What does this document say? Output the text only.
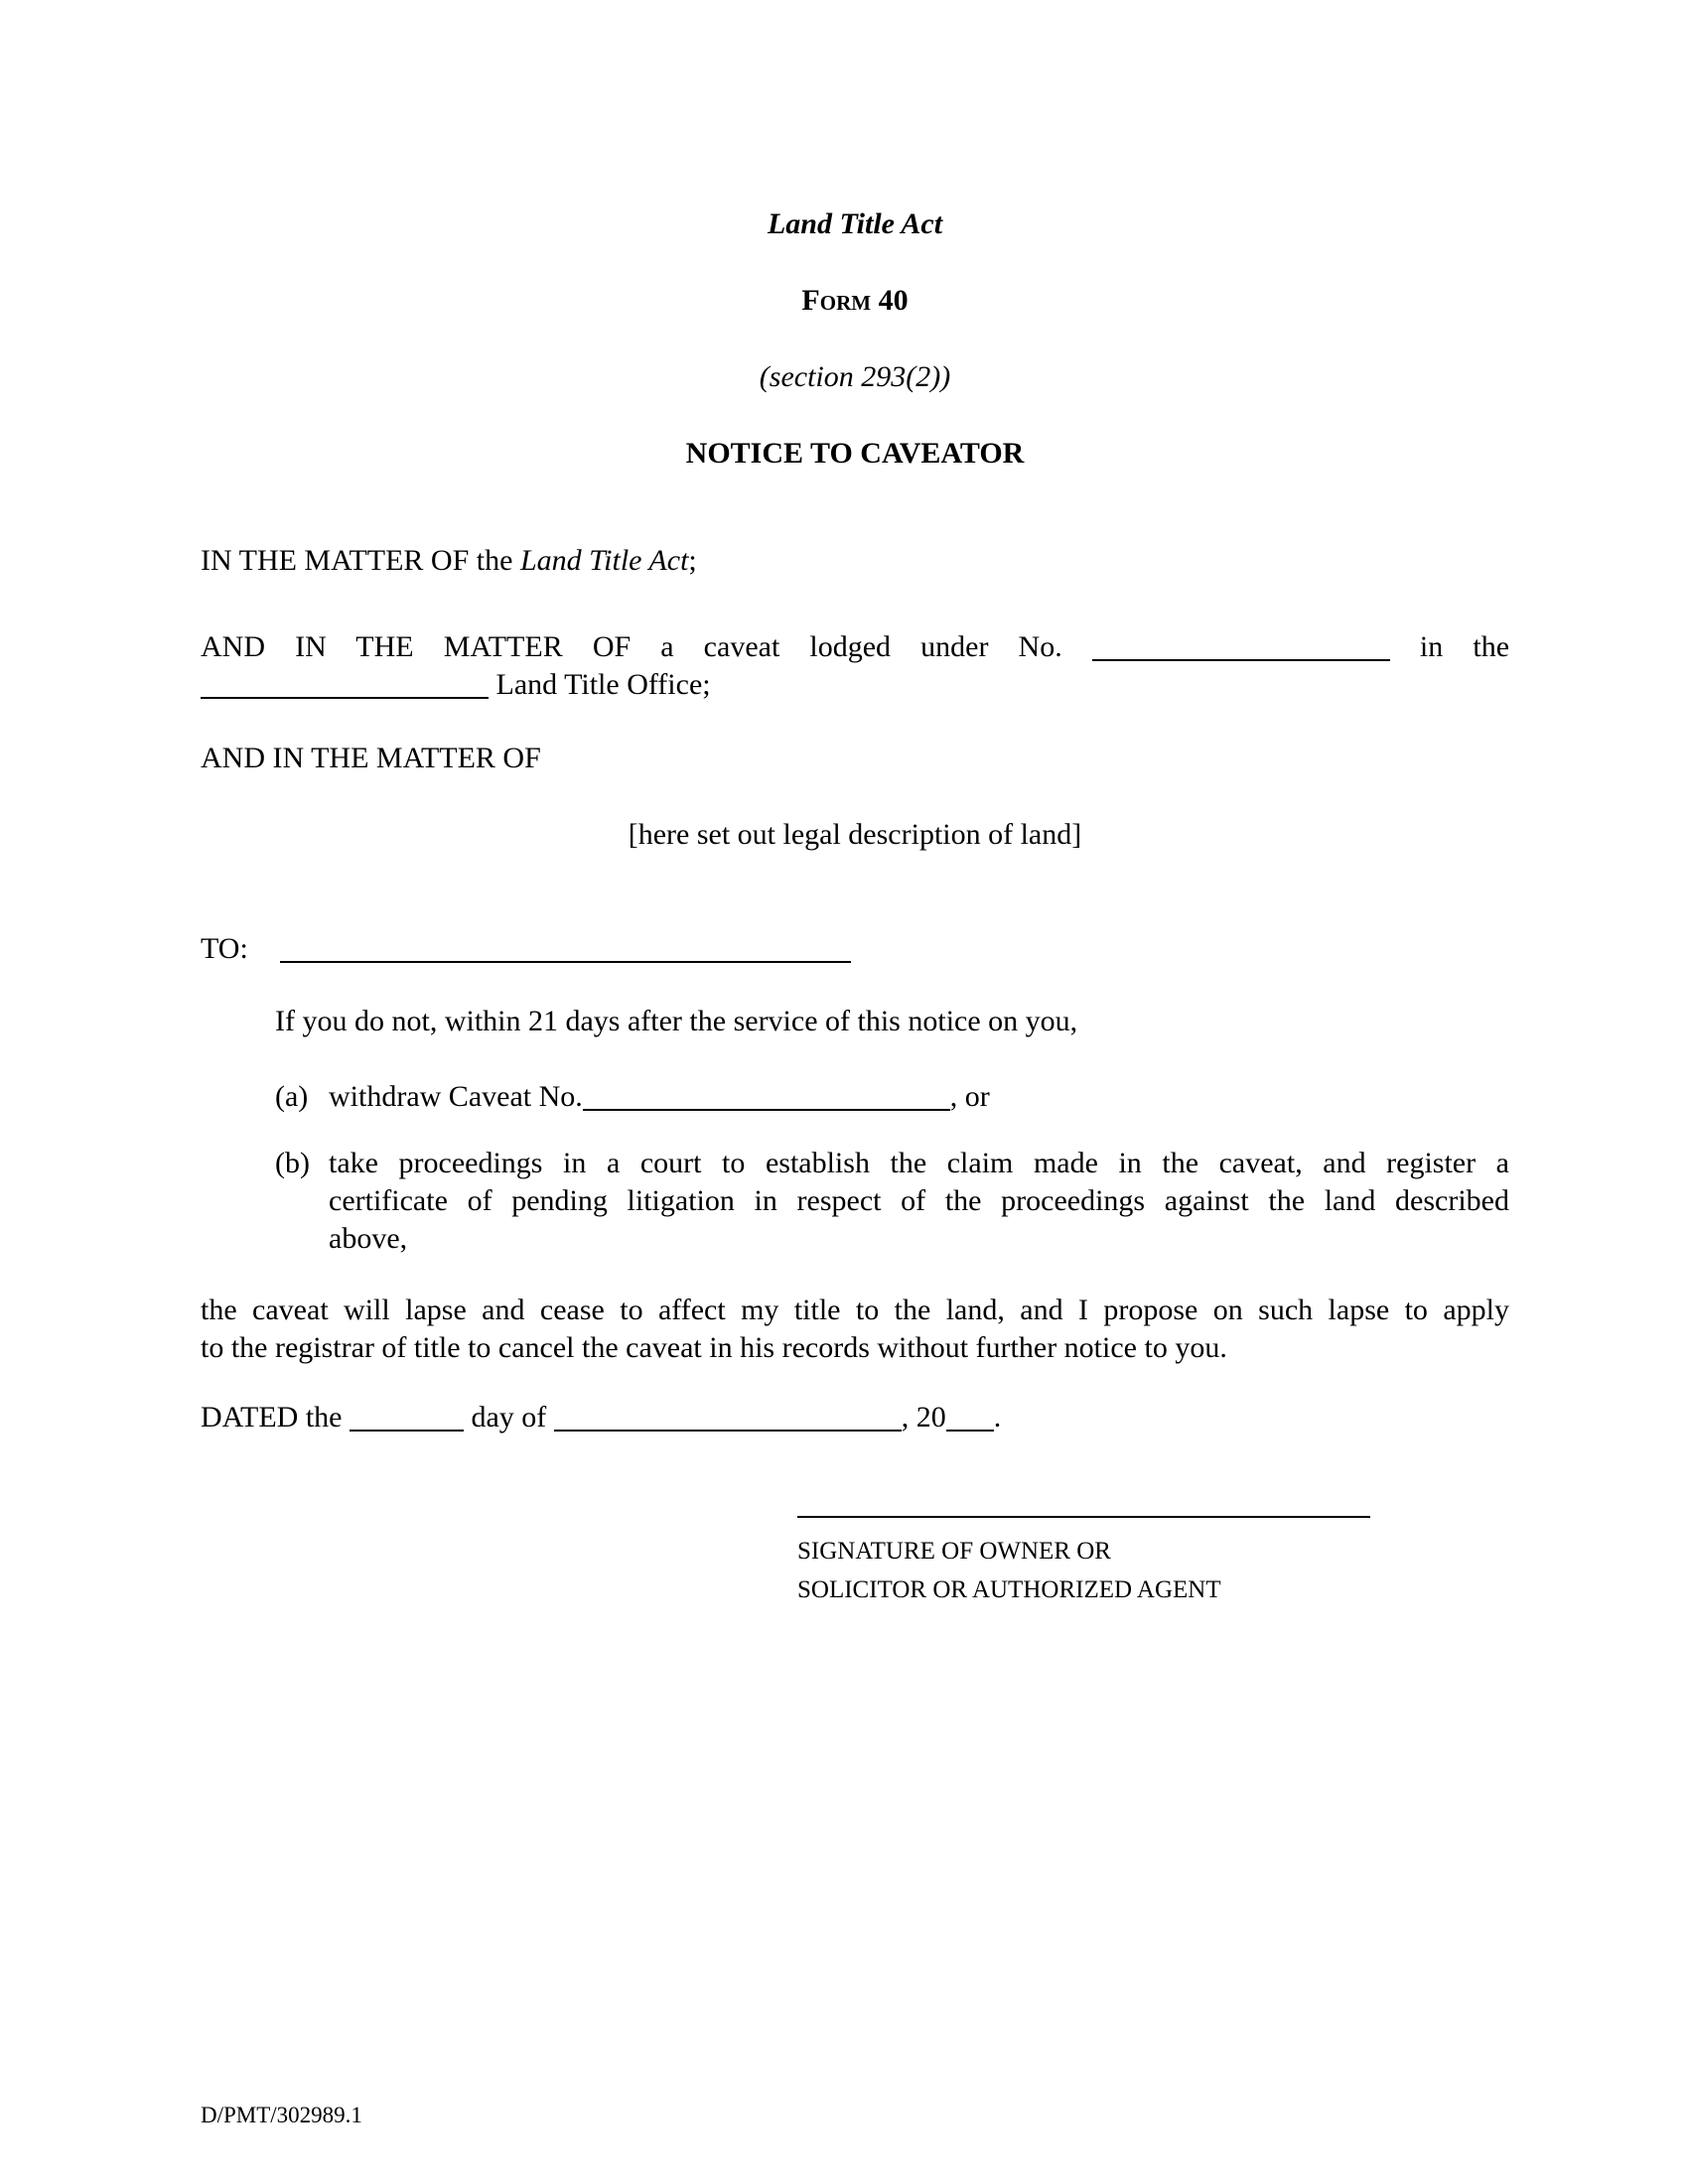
Land Title Act
Form 40
(section 293(2))
NOTICE TO CAVEATOR
IN THE MATTER OF the Land Title Act;
AND IN THE MATTER OF a caveat lodged under No.	in the
Land Title Office;
AND IN THE MATTER OF
[here set out legal description of land]
TO:
If you do not, within 21 days after the service of this notice on you,
(a) withdraw Caveat No.	, or
(b) take proceedings in a court to establish the claim made in the caveat, and register a
certificate of pending litigation in respect of the proceedings against the land described
above,
the caveat will lapse and cease to affect my title to the land, and I propose on such lapse to apply
to the registrar of title to cancel the caveat in his records without further notice to you.
DATED the	day of	, 20 .
SIGNATURE OF OWNER OR
SOLICITOR OR AUTHORIZED AGENT
D/PMT/302989.1
